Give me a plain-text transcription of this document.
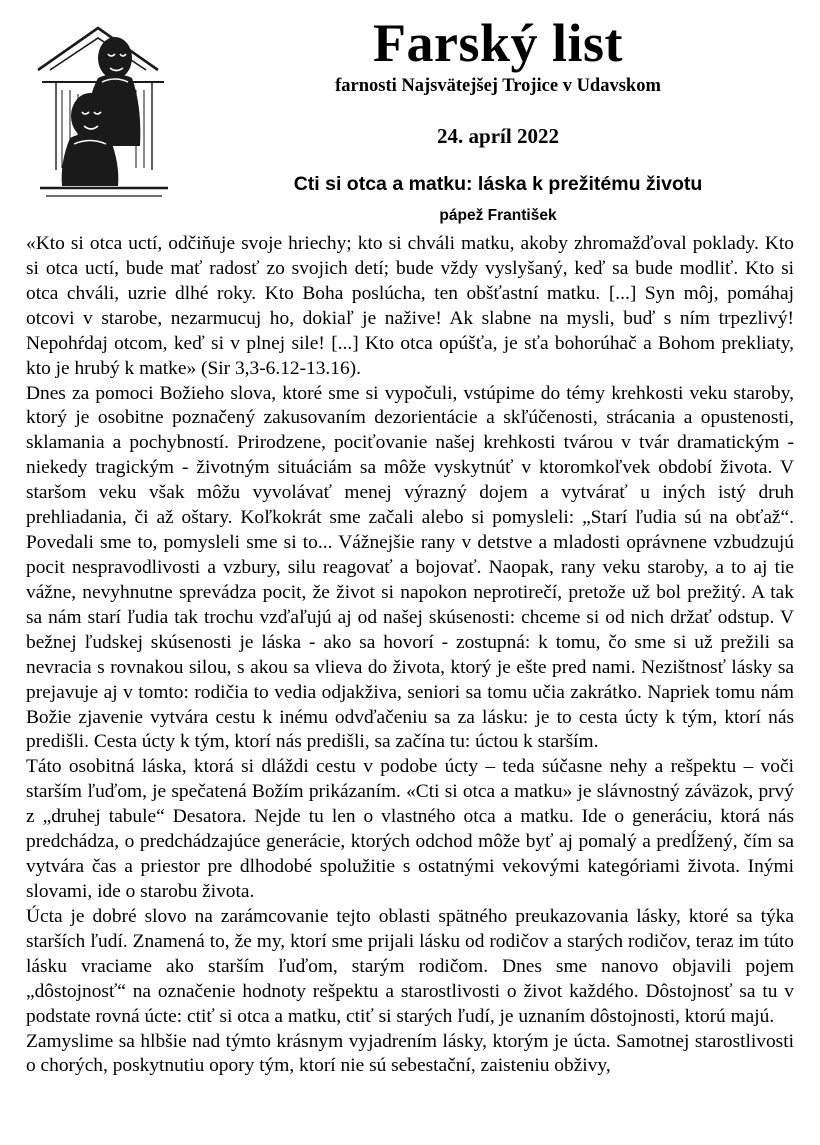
Farský list
farnosti Najsvätejšej Trojice v Udavskom
24. apríl 2022
Cti si otca a matku: láska k prežitému životu
pápež František

«Kto si otca uctí, odčiňuje svoje hriechy; kto si chváli matku, akoby zhromažďoval poklady. Kto si otca uctí, bude mať radosť zo svojich detí; bude vždy vyslyšaný, keď sa bude modliť. Kto si otca chváli, uzrie dlhé roky. Kto Boha poslúcha, ten obšťastní matku. [...] Syn môj, pomáhaj otcovi v starobe, nezarmucuj ho, dokiaľ je nažive! Ak slabne na mysli, buď s ním trpezlivý! Nepohŕdaj otcom, keď si v plnej sile! [...] Kto otca opúšťa, je sťa bohorúhač a Bohom prekliaty, kto je hrubý k matke» (Sir 3,3-6.12-13.16).

Dnes za pomoci Božieho slova, ktoré sme si vypočuli, vstúpime do témy krehkosti veku staroby, ktorý je osobitne poznačený zakusovaním dezorientácie a skľúčenosti, strácania a opustenosti, sklamania a pochybností. Prirodzene, pociťovanie našej krehkosti tvárou v tvár dramatickým - niekedy tragickým - životným situáciám sa môže vyskytnúť v ktoromkoľvek období života. V staršom veku však môžu vyvolávať menej výrazný dojem a vytvárať u iných istý druh prehliadania, či až oštary. Koľkokrát sme začali alebo si pomysleli: „Starí ľudia sú na obťaž“. Povedali sme to, pomysleli sme si to... Vážnejšie rany v detstve a mladosti oprávnene vzbudzujú pocit nespravodlivosti a vzbury, silu reagovať a bojovať. Naopak, rany veku staroby, a to aj tie vážne, nevyhnutne sprevádza pocit, že život si napokon neprotirečí, pretože už bol prežitý. A tak sa nám starí ľudia tak trochu vzďaľujú aj od našej skúsenosti: chceme si od nich držať odstup. V bežnej ľudskej skúsenosti je láska - ako sa hovorí - zostupná: k tomu, čo sme si už prežili sa nevracia s rovnakou silou, s akou sa vlieva do života, ktorý je ešte pred nami. Nezištnosť lásky sa prejavuje aj v tomto: rodičia to vedia odjakživa, seniori sa tomu učia zakrátko. Napriek tomu nám Božie zjavenie vytvára cestu k inému odvďačeniu sa za lásku: je to cesta úcty k tým, ktorí nás predišli. Cesta úcty k tým, ktorí nás predišli, sa začína tu: úctou k starším.

Táto osobitná láska, ktorá si dláždi cestu v podobe úcty – teda súčasne nehy a rešpektu – voči starším ľuďom, je spečatená Božím prikázaním. «Cti si otca a matku» je slávnostný záväzok, prvý z „druhej tabule“ Desatora. Nejde tu len o vlastného otca a matku. Ide o generáciu, ktorá nás predchádza, o predchádzajúce generácie, ktorých odchod môže byť aj pomalý a predĺžený, čím sa vytvára čas a priestor pre dlhodobé spolužitie s ostatnými vekovými kategóriami života. Inými slovami, ide o starobu života.

Úcta je dobré slovo na zarámcovanie tejto oblasti spätného preukazovania lásky, ktoré sa týka starších ľudí. Znamená to, že my, ktorí sme prijali lásku od rodičov a starých rodičov, teraz im túto lásku vraciame ako starším ľuďom, starým rodičom. Dnes sme nanovo objavili pojem „dôstojnosť“ na označenie hodnoty rešpektu a starostlivosti o život každého. Dôstojnosť sa tu v podstate rovná úcte: ctiť si otca a matku, ctiť si starých ľudí, je uznaním dôstojnosti, ktorú majú.

Zamyslime sa hlbšie nad týmto krásnym vyjadrením lásky, ktorým je úcta. Samotnej starostlivosti o chorých, poskytnutiu opory tým, ktorí nie sú sebestační, zaisteniu obživy,
